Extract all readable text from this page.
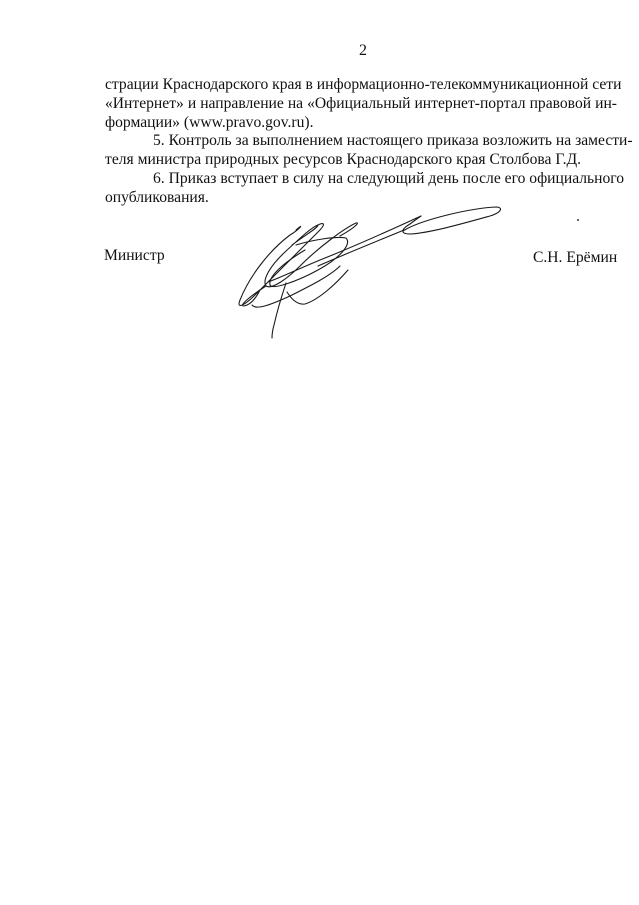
2
страции Краснодарского края в информационно-телекоммуникационной сети
«Интернет» и направление на «Официальный интернет-портал правовой ин-
формации» (www.pravo.gov.ru).
5. Контроль за выполнением настоящего приказа возложить на замести-
теля министра природных ресурсов Краснодарского края Столбова Г.Д.
6. Приказ вступает в силу на следующий день после его официального
опубликования.
Министр	С.Н. Ерёмин
